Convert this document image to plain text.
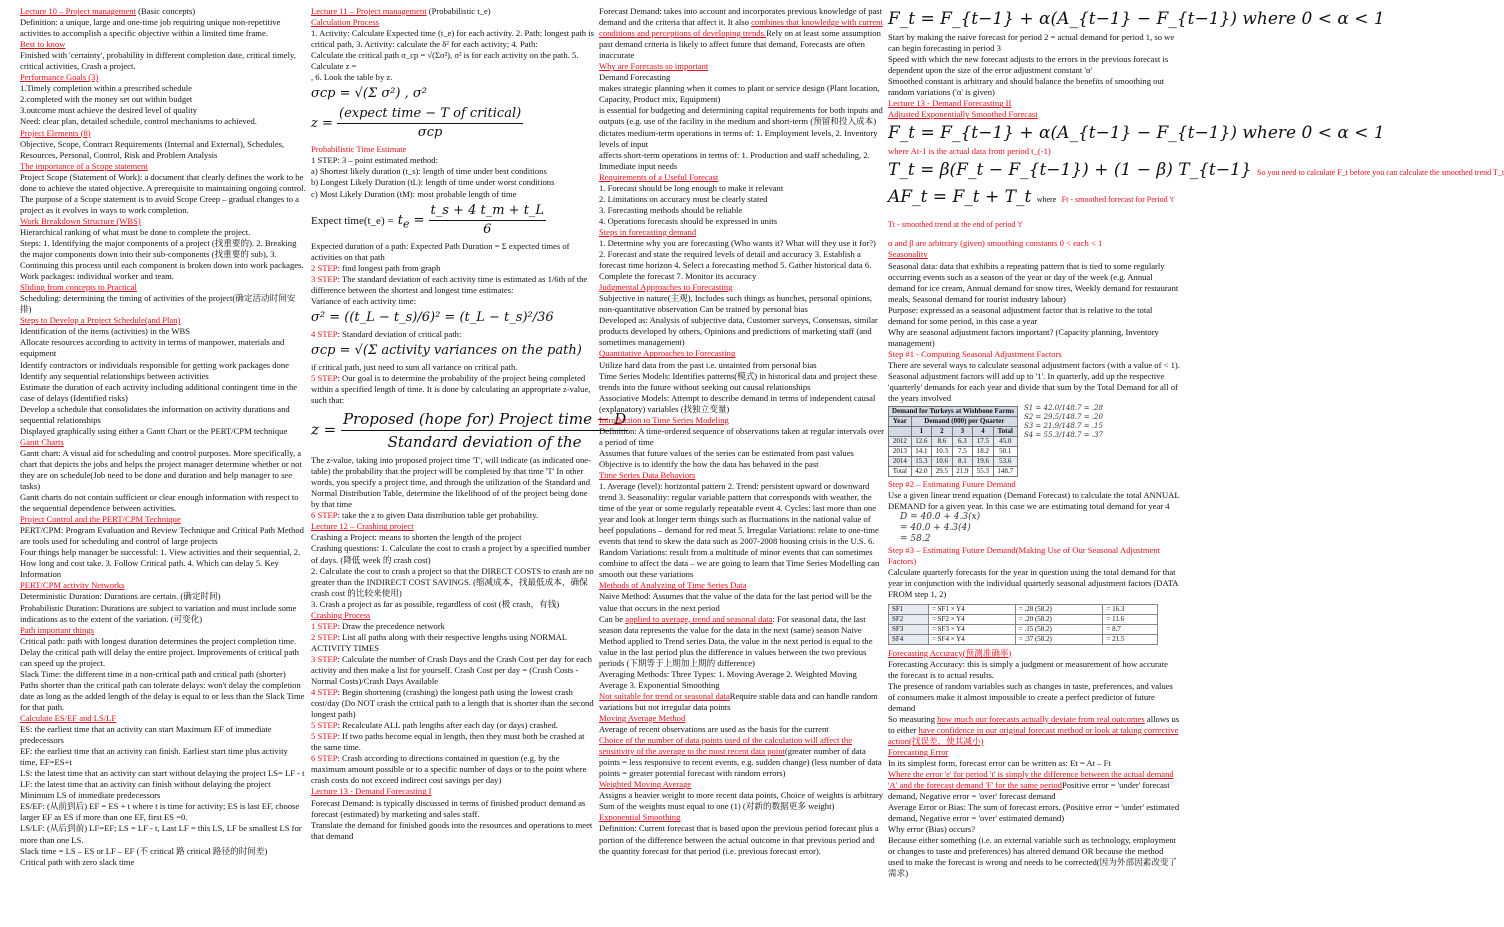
Lecture 10 – Project management (Basic concepts)

Definition: a unique, large and one-time job requiring unique non-repetitive activities to accomplish a specific objective within a limited time frame.

Best to know

Finished with 'certainty', probability in different completion date, critical timely, critical activities, Crash a project.

Performance Goals (3)

1.Timely completion within a prescribed schedule

2.completed with the money set out within budget

3.outcome must achieve the desired level of quality

Need: clear plan, detailed schedule, control mechanisms to achieved.

Project Elements (8)

Objective, Scope, Contract Requirements (Internal and External), Schedules, Resources, Personal, Control, Risk and Problem Analysis

The importance of a Scope statement

Project Scope (Statement of Work): a document that clearly defines the work to be done to achieve the stated objective. A prerequisite to maintaining ongoing control.

The purpose of a Scope statement is to avoid Scope Creep – gradual changes to a project as it evolves in ways to work completion.

Work Breakdown Structure (WBS)

Hierarchical ranking of what must be done to complete the project.

Steps: 1. Identifying the major components of a project (找重要的). 2. Breaking the major components down into their sub-components (找重要的 sub), 3. Continuing this process until each component is broken down into work packages.

Work packages: individual worker and team.

Sliding from concepts to Practical

Scheduling: determining the timing of activities of the project(确定活动时间安排)

Steps to Develop a Project Schedule(and Plan)

Identification of the items (activities) in the WBS

Allocate resources according to activity in terms of manpower, materials and equipment

Identify contractors or individuals responsible for getting work packages done

Identify any sequential relationships between activities

Estimate the duration of each activity including additional contingent time in the case of delays (Identified risks)

Develop a schedule that consolidates the information on activity durations and sequential relationships

Displayed graphically using either a Gantt Chart or the PERT/CPM technique

Gantt Charts

Gantt chart: A visual aid for scheduling and control purposes. More specifically, a chart that depicts the jobs and helps the project manager determine whether or not they are on schedule(Job need to be done and duration and help manager to see tasks)

Gantt charts do not contain sufficient or clear enough information with respect to the sequential dependence between activities.

Project Control and the PERT/CPM Technique

PERT/CPM: Program Evaluation and Review Technique and Critical Path Method are tools used for scheduling and control of large projects

Four things help manager be successful: 1. View activities and their sequential, 2. How long and cost take. 3. Follow Critical path. 4. Which can delay 5. Key Information

PERT/CPM activity Networks

Deterministic Duration: Durations are certain. (确定时间)

Probabilistic Duration: Durations are subject to variation and must include some indications as to the extent of the variation. (可变化)

Path important things

Critical path: path with longest duration determines the project completion time.

Delay the critical path will delay the entire project. Improvements of critical path can speed up the project.

Slack Time: the different time in a non-critical path and critical path (shorter) Paths shorter than the critical path can tolerate delays: won't delay the completion date as long as the added length of the delay is equal to or less than the Slack Time for that path.

Calculate ES/EF and LS/LF

ES: the earliest time that an activity can start Maximum EF of immediate predecessors

EF: the earliest time that an activity can finish. Earliest start time plus activity time, EF=ES+t

LS: the latest time that an activity can start without delaying the project LS= LF - t

LF: the latest time that an activity can finish without delaying the project Minimum LS of immediate predecessors

ES/EF: (从前到后) EF = ES + t where t is time for activity; ES is last EF, choose larger EF as ES if more than one EF, first ES =0.

LS/LF: (从后到前) LF=EF; LS = LF - t, Last LF = this LS, LF be smallest LS for more than one LS.

Slack time = LS – ES or LF – EF (不 critical 路 critical 路径的时间差)

Critical path with zero slack time

Lecture 11 – Project management (Probabilistic t_e)

Calculation Process

1. Activity: Calculate Expected time (t_e) for each activity. 2. Path: longest path is critical path, 3. Activity: calculate the δ² for each activity; 4. Path:

Calculate the critical path σ_cp = √(Σσ²), σ² is for each activity on the path. 5. Calculate z =

, 6. Look the table by z.

σcp = √(Σ σ²) , σ²
$z = \frac{\text{(expect time − T of critical)}}{\text{σcp}}$

Probabilistic Time Estimate

1 STEP: 3 – point estimated method:

a) Shortest likely duration (t_s): length of time under best conditions

b) Longest Likely Duration (tL): length of time under worst conditions

c) Most Likely Duration (tM): most probable length of time

Expect time(t_e) = $t_e = \frac{t\_s + 4 t\_m + t\_L}{6}$

Expected duration of a path: Expected Path Duration = Σ expected times of activities on that path

2 STEP: find longest path from graph

3 STEP: The standard deviation of each activity time is estimated as 1/6th of the difference between the shortest and longest time estimates:

Variance of each activity time:

σ² = ((t_L − t_s)/6)² = (t_L − t_s)²/36

4 STEP: Standard deviation of critical path:

σcp = √(Σ activity variances on the path)

if critical path, just need to sum all variance on critical path.

5 STEP: Our goal is to determine the probability of the project being completed within a specified length of time. It is done by calculating an appropriate z-value, such that:

$z = \frac{\text{Proposed (hope for) Project time − D}}{\text{Standard deviation of the}}$

The z-value, taking into proposed project time 'T', will indicate (as indicated one-table) the probability that the project will be completed by that time 'T' In other words, you specify a project time, and through the utilization of the Standard and Normal Distribution Table, determine the likelihood of of the project being done by that time

6 STEP: take the z to given Data distribution table get probability.

Lecture 12 – Crashing project

Crashing a Project: means to shorten the length of the project

Crashing questions: 1. Calculate the cost to crash a project by a specified number of days. (降低 week 的 crash cost)

2. Calculate the cost to crash a project so that the DIRECT COSTS to crash are no greater than the INDIRECT COST SAVINGS. (缩减成本，找最低成本，确保 crash cost 的比较来使用)

3. Crash a project as far as possible, regardless of cost (极 crash，有钱)

Crashing Process

1 STEP: Draw the precedence network

2 STEP: List all paths along with their respective lengths using NORMAL ACTIVITY TIMES

3 STEP: Calculate the number of Crash Days and the Crash Cost per day for each activity and then make a list for yourself. Crash Cost per day = (Crash Costs - Normal Costs)/Crash Days Available

4 STEP: Begin shortening (crashing) the longest path using the lowest crash cost/day (Do NOT crash the critical path to a length that is shorter than the second longest path)

5 STEP: Recalculate ALL path lengths after each day (or days) crashed.

5 STEP: If two paths become equal in length, then they must both be crashed at the same time.

6 STEP: Crash according to directions contained in question (e.g. by the maximum amount possible or to a specific number of days or to the point where crash costs do not exceed indirect cost savings per day)

Lecture 13 - Demand Forecasting I

Forecast Demand: is typically discussed in terms of finished product demand as forecast (estimated) by marketing and sales staff.

Translate the demand for finished goods into the resources and operations to meet that demand

Forecast Demand: takes into account and incorporates previous knowledge of past demand and the criteria that affect it. It also combines that knowledge with current conditions and perceptions of developing trends.Rely on at least some assumption past demand criteria is likely to affect future that demand, Forecasts are often inaccurate

Why are Forecasts so important

Demand Forecasting

makes strategic planning when it comes to plant or service design (Plant location, Capacity, Product mix, Equipment)

is essential for budgeting and determining capital requirements for both inputs and outputs (e.g. use of the facility in the medium and short-term (预留和投入成本)

dictates medium-term operations in terms of: 1. Employment levels, 2. Inventory levels of input

affects short-term operations in terms of: 1. Production and staff scheduling, 2. Immediate input needs

Requirements of a Useful Forecast

1. Forecast should be long enough to make it relevant

2. Limitations on accuracy must be clearly stated

3. Forecasting methods should be reliable

4. Operations forecasts should be expressed in units

Steps in forecasting demand

1. Determine why you are forecasting (Who wants it? What will they use it for?) 2. Forecast and state the required levels of detail and accuracy 3. Establish a forecast time horizon 4. Select a forecasting method 5. Gather historical data 6. Complete the forecast 7. Monitor its accuracy

Judgmental Approaches to Forecasting

Subjective in nature(主观), Includes such things as hunches, personal opinions, non-quantitative observation Can be trained by personal bias

Developed as: Analysis of subjective data, Customer surveys, Consensus, similar products developed by others, Opinions and predictions of marketing staff (and sometimes management)

Quantitative Approaches to Forecasting

Utilize hard data from the past i.e. untainted from personal bias

Time Series Models: Identifies patterns(模式) in historical data and project these trends into the future without seeking out causal relationships

Associative Models: Attempt to describe demand in terms of independent causal (explanatory) variables (找独立变量)

Introduction to Time Series Modeling

Definition: A time-ordered sequence of observations taken at regular intervals over a period of time

Assumes that future values of the series can be estimated from past values Objective is to identify the how the data has behaved in the past

Time Series Data Behaviors

1. Average (level): horizontal pattern 2. Trend: persistent upward or downward trend 3. Seasonality: regular variable pattern that corresponds with weather, the time of the year or some regularly repeatable event 4. Cycles: last more than one year and look at longer term things such as fluctuations in the national value of beef populations – demand for red meat 5. Irregular Variations: relate to one-time events that tend to skew the data such as 2007-2008 housing crisis in the U.S. 6. Random Variations: result from a multitude of minor events that can sometimes combine to affect the data – we are going to learn that Time Series Modelling can smooth out these variations

Methods of Analyzing of Time Series Data

Naive Method: Assumes that the value of the data for the last period will be the value that occurs in the next period

Can be applied to average, trend and seasonal data: For seasonal data, the last season data represents the value for the data in the next (same) season Naive Method applied to Trend series Data, the value in the next period is equal to the value in the last period plus the difference in values between the two previous periods (下期等于上期加上期的 difference)

Averaging Methods: Three Types: 1. Moving Average 2. Weighted Moving Average 3. Exponential Smoothing

Not suitable for trend or seasonal dataRequire stable data and can handle random variations but not irregular data points

Moving Average Method

Average of recent observations are used as the basis for the current

Choice of the number of data points used of the calculation will affect the sensitivity of the average to the most recent data point(greater number of data points = less responsive to recent events, e.g. sudden change) (less number of data points = greater potential forecast with random errors)

Weighted Moving Average

Assigns a heavier weight to more recent data points, Choice of weights is arbitrary Sum of the weights must equal to one (1) (对新的数据更多 weight)

Exponential Smoothing

Definition: Current forecast that is based upon the previous period forecast plus a portion of the difference between the actual outcome in that previous period and the quantity forecast for that period (i.e. previous forecast error).

F_t = F_{t−1} + α(A_{t−1} − F_{t−1}) where 0 < α < 1

Start by making the naive forecast for period 2 = actual demand for period 1, so we can begin forecasting in period 3

Speed with which the new forecast adjusts to the errors in the previous forecast is dependent upon the size of the error adjustment constant 'α'

Smoothed constant is arbitrary and should balance the benefits of smoothing out random variations ('α' is given)

Lecture 13 - Demand Forecasting II

Adjusted Exponentially Smoothed Forecast

F_t = F_{t−1} + α(A_{t−1} − F_{t−1}) where 0 < α < 1

where At-1 is the actual data from period t_(-1)

T_t = β(F_t − F_{t−1}) + (1 − β) T_{t−1} So you need to calculate F_t before you can calculate the smoothed trend T_t
AF_t = F_t + T_t where Ft - smoothed forecast for Period 't' Tt - smoothed trend at the end of period 't'

α and β are arbitrary (given) smoothing constants 0 < each < 1

Seasonality

Seasonal data: data that exhibits a repeating pattern that is tied to some regularly occurring events such as a season of the year or day of the week (e.g. Annual demand for ice cream, Annual demand for snow tires, Weekly demand for restaurant meals, Seasonal demand for tourist industry labour)

Purpose: expressed as a seasonal adjustment factor that is relative to the total demand for some period, in this case a year

Why are seasonal adjustment factors important? (Capacity planning, Inventory management)

Step #1 - Computing Seasonal Adjustment Factors

There are several ways to calculate seasonal adjustment factors (with a value of < 1). Seasonal adjustment factors will add up to '1'. In quarterly, add up the respective 'quarterly' demands for each year and divide that sum by the Total Demand for all of the years involved

Demand for Turkeys at Wishbone Farms					
Year	Demand (000) per Quarter				
	1	2	3	4	Total
2012	12.6	8.6	6.3	17.5	45.0
2013	14.1	10.3	7.5	18.2	50.1
2014	15.3	10.6	8.1	19.6	53.6
Total	42.0	29.5	21.9	55.3	148.7
S1 = 42.0/148.7 = .28
S2 = 29.5/148.7 = .20
S3 = 21.9/148.7 = .15
S4 = 55.3/148.7 = .37

Step #2 – Estimating Future Demand

Use a given linear trend equation (Demand Forecast) to calculate the total ANNUAL DEMAND for a given year. In this case we are estimating total demand for year 4

D = 40.0 + 4.3(x)
= 40.0 + 4.3(4)
= 58.2

Step #3 – Estimating Future Demand(Making Use of Our Seasonal Adjustment Factors)

Calculate quarterly forecasts for the year in question using the total demand for that year in conjunction with the individual quarterly seasonal adjustment factors (DATA FROM step 1, 2)

SF1	= SF1 × Y4	= .28 (58.2)	= 16.3
SF2	= SF2 × Y4	= .20 (58.2)	= 11.6
SF3	= SF3 × Y4	= .15 (58.2)	= 8.7
SF4	= SF4 × Y4	= .37 (58.2)	= 21.5

Forecasting Accuracy(预测准确率)

Forecasting Accuracy: this is simply a judgment or measurement of how accurate the forecast is to actual results.

The presence of random variables such as changes in taste, preferences, and values of consumers make it almost impossible to create a perfect predictor of future demand

So measuring how much our forecasts actually deviate from real outcomes allows us to either have confidence in our original forecast method or look at taking corrective action(找误差，使其减小)

Forecasting Error

In its simplest form, forecast error can be written as: Et = At – Ft

Where the error 'e' for period 't' is simply the difference between the actual demand 'A' and the forecast demand 'F' for the same periodPositive error = 'under' forecast demand, Negative error = 'over' forecast demand

Average Error or Bias: The sum of forecast errors. (Positive error = 'under' estimated demand, Negative error = 'over' estimated demand)

Why error (Bias) occurs?

Because either something (i.e. an external variable such as technology, employment or changes to taste and preferences) has altered demand OR because the method used to make the forecast is wrong and needs to be corrected(因为外部因素改变了需求)
